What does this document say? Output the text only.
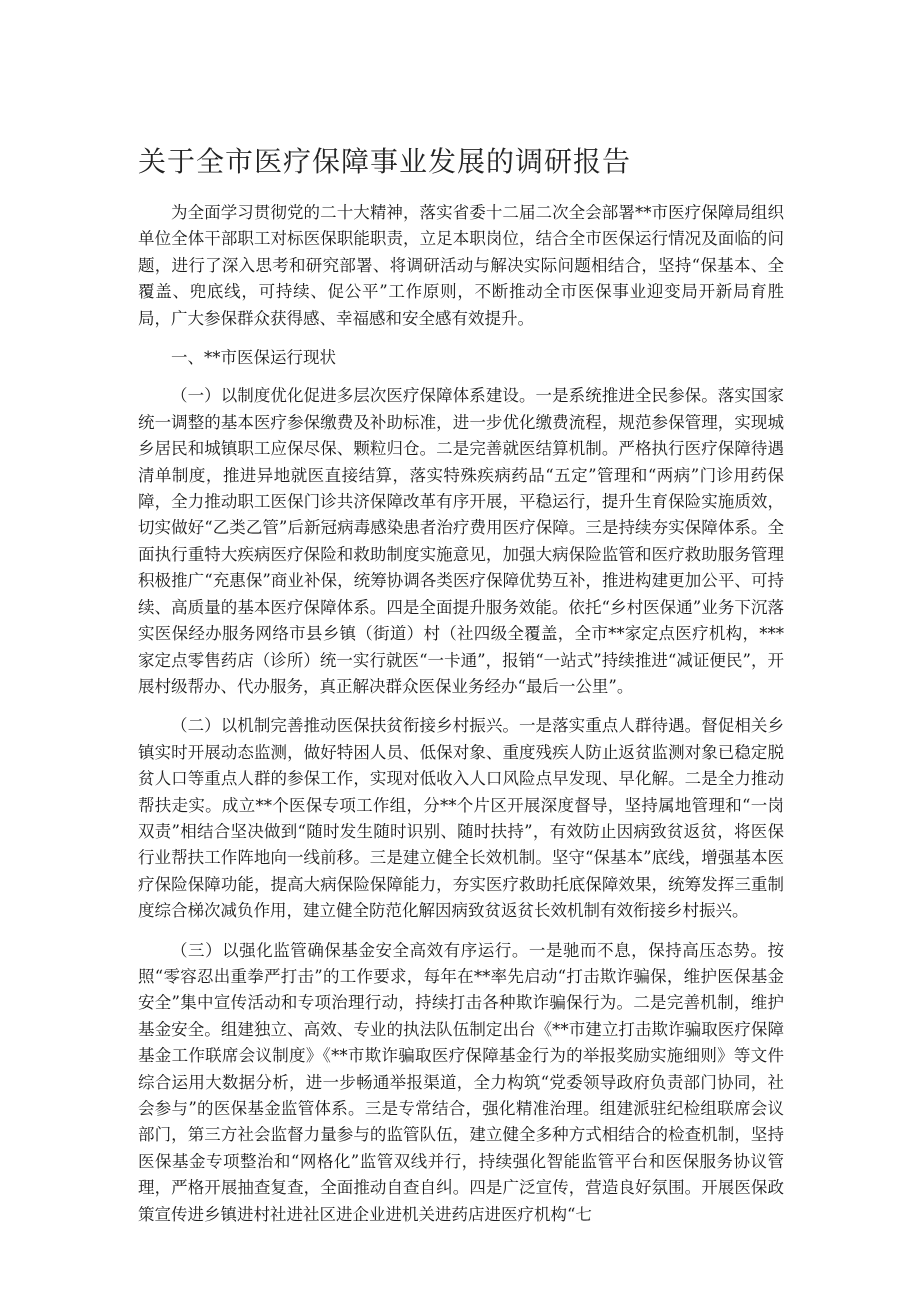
关于全市医疗保障事业发展的调研报告

为全面学习贯彻党的二十大精神，落实省委十二届二次全会部署**市医疗保障局组织单位全体干部职工对标医保职能职责，立足本职岗位，结合全市医保运行情况及面临的问题，进行了深入思考和研究部署、将调研活动与解决实际问题相结合，坚持“保基本、全覆盖、兜底线，可持续、促公平”工作原则，不断推动全市医保事业迎变局开新局育胜局，广大参保群众获得感、幸福感和安全感有效提升。

一、**市医保运行现状

（一）以制度优化促进多层次医疗保障体系建设。一是系统推进全民参保。落实国家统一调整的基本医疗参保缴费及补助标准，进一步优化缴费流程，规范参保管理，实现城乡居民和城镇职工应保尽保、颗粒归仓。二是完善就医结算机制。严格执行医疗保障待遇清单制度，推进异地就医直接结算，落实特殊疾病药品“五定”管理和“两病”门诊用药保障，全力推动职工医保门诊共济保障改革有序开展，平稳运行，提升生育保险实施质效，切实做好“乙类乙管”后新冠病毒感染患者治疗费用医疗保障。三是持续夯实保障体系。全面执行重特大疾病医疗保险和救助制度实施意见，加强大病保险监管和医疗救助服务管理积极推广“充惠保”商业补保，统筹协调各类医疗保障优势互补，推进构建更加公平、可持续、高质量的基本医疗保障体系。四是全面提升服务效能。依托“乡村医保通”业务下沉落实医保经办服务网络市县乡镇（街道）村（社四级全覆盖，全市**家定点医疗机构，***家定点零售药店（诊所）统一实行就医“一卡通”，报销“一站式”持续推进“减证便民”，开展村级帮办、代办服务，真正解决群众医保业务经办“最后一公里”。

（二）以机制完善推动医保扶贫衔接乡村振兴。一是落实重点人群待遇。督促相关乡镇实时开展动态监测，做好特困人员、低保对象、重度残疾人防止返贫监测对象已稳定脱贫人口等重点人群的参保工作，实现对低收入人口风险点早发现、早化解。二是全力推动帮扶走实。成立**个医保专项工作组，分**个片区开展深度督导，坚持属地管理和“一岗双责”相结合坚决做到“随时发生随时识别、随时扶持”，有效防止因病致贫返贫，将医保行业帮扶工作阵地向一线前移。三是建立健全长效机制。坚守“保基本”底线，增强基本医疗保险保障功能，提高大病保险保障能力，夯实医疗救助托底保障效果，统筹发挥三重制度综合梯次减负作用，建立健全防范化解因病致贫返贫长效机制有效衔接乡村振兴。

（三）以强化监管确保基金安全高效有序运行。一是驰而不息，保持高压态势。按照“零容忍出重拳严打击”的工作要求，每年在**率先启动“打击欺诈骗保，维护医保基金安全”集中宣传活动和专项治理行动，持续打击各种欺诈骗保行为。二是完善机制，维护基金安全。组建独立、高效、专业的执法队伍制定出台《**市建立打击欺诈骗取医疗保障基金工作联席会议制度》《**市欺诈骗取医疗保障基金行为的举报奖励实施细则》等文件综合运用大数据分析，进一步畅通举报渠道，全力构筑“党委领导政府负责部门协同，社会参与”的医保基金监管体系。三是专常结合，强化精准治理。组建派驻纪检组联席会议部门，第三方社会监督力量参与的监管队伍，建立健全多种方式相结合的检查机制，坚持医保基金专项整治和“网格化”监管双线并行，持续强化智能监管平台和医保服务协议管理，严格开展抽查复查，全面推动自查自纠。四是广泛宣传，营造良好氛围。开展医保政策宣传进乡镇进村社进社区进企业进机关进药店进医疗机构“七
